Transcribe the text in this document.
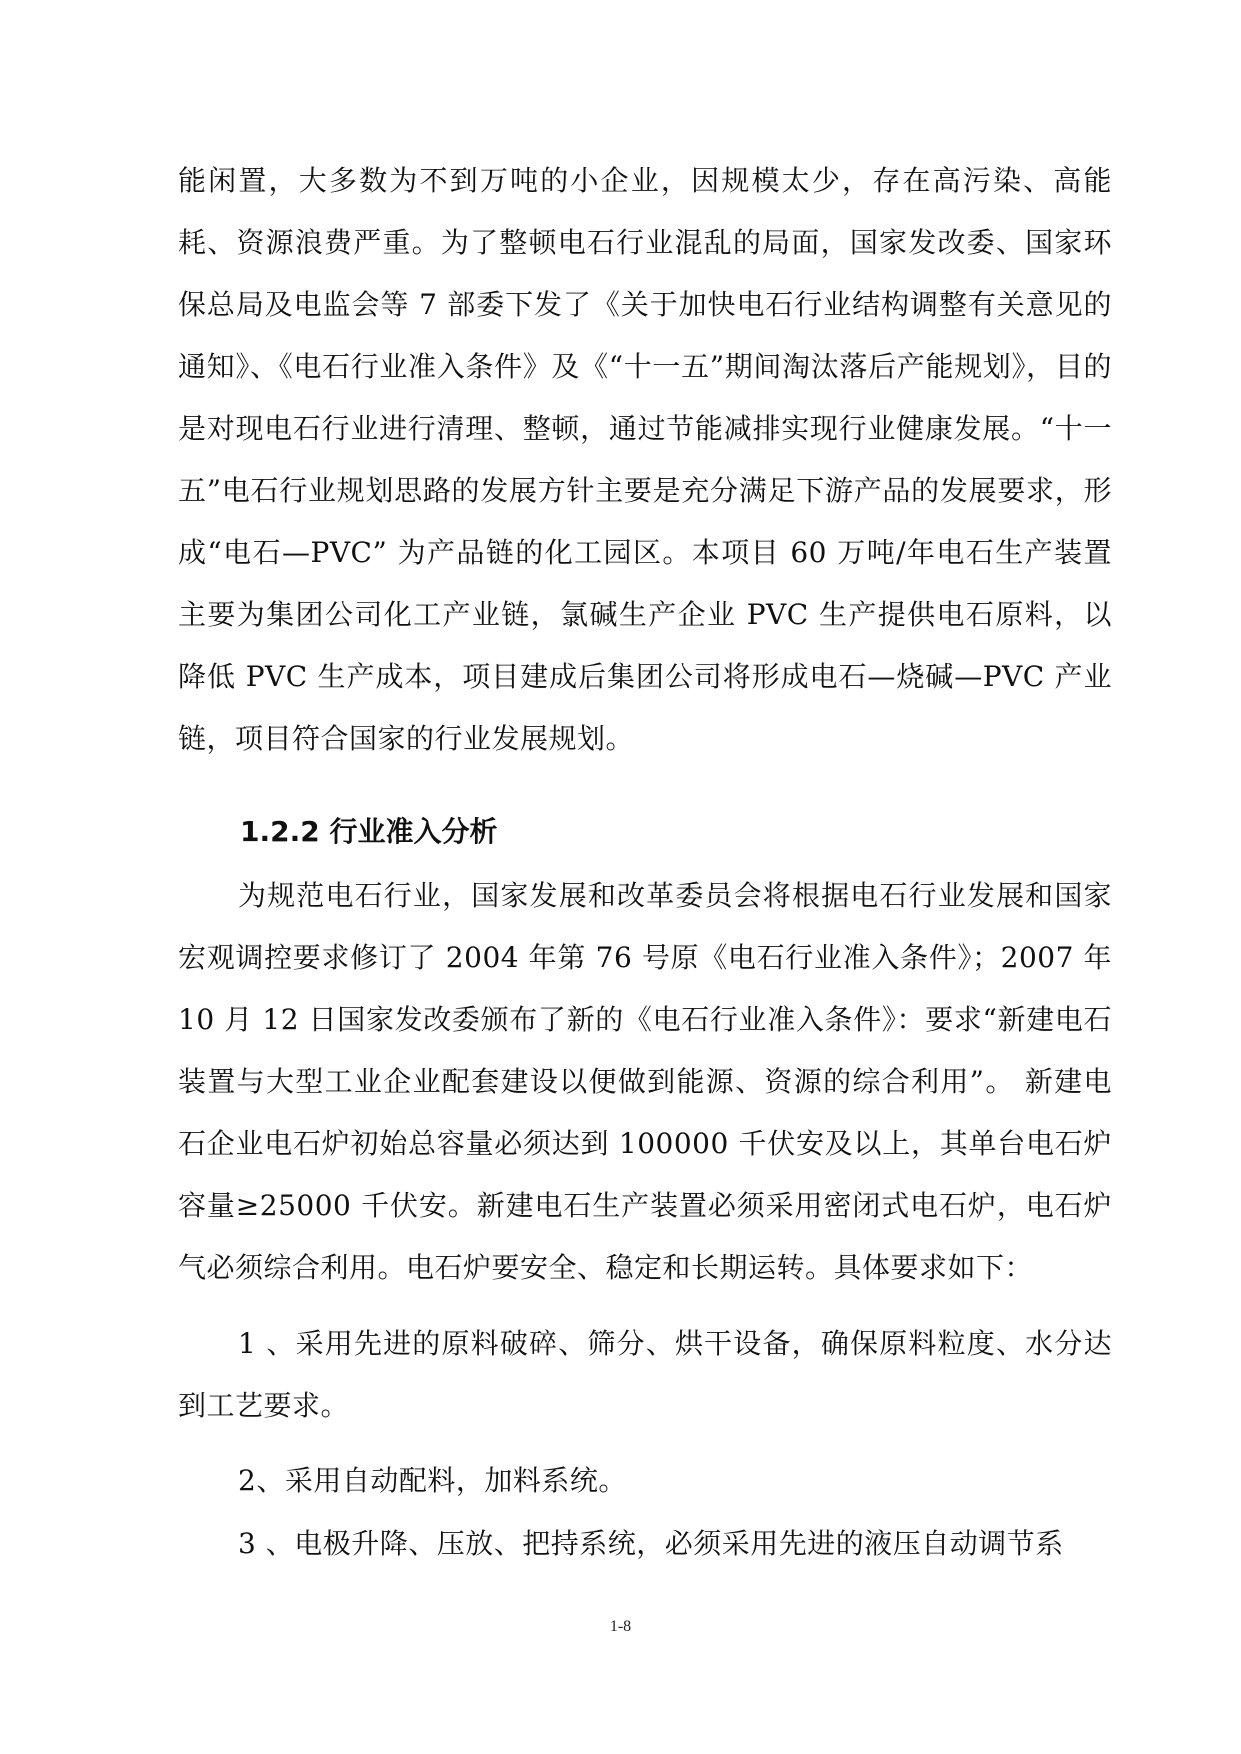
能闲置，大多数为不到万吨的小企业，因规模太少，存在高污染、高能耗、资源浪费严重。为了整顿电石行业混乱的局面，国家发改委、国家环保总局及电监会等 7 部委下发了《关于加快电石行业结构调整有关意见的通知》、《电石行业准入条件》及《“十一五”期间淘汰落后产能规划》，目的是对现电石行业进行清理、整顿，通过节能减排实现行业健康发展。“十一五”电石行业规划思路的发展方针主要是充分满足下游产品的发展要求，形成“电石—PVC” 为产品链的化工园区。本项目 60 万吨/年电石生产装置主要为集团公司化工产业链，氯碱生产企业 PVC 生产提供电石原料，以降低 PVC 生产成本，项目建成后集团公司将形成电石—烧碱—PVC 产业链，项目符合国家的行业发展规划。

1.2.2 行业准入分析

为规范电石行业，国家发展和改革委员会将根据电石行业发展和国家宏观调控要求修订了 2004 年第 76 号原《电石行业准入条件》；2007 年 10 月 12 日国家发改委颁布了新的《电石行业准入条件》：要求“新建电石装置与大型工业企业配套建设以便做到能源、资源的综合利用”。 新建电石企业电石炉初始总容量必须达到 100000 千伏安及以上，其单台电石炉容量≥25000 千伏安。新建电石生产装置必须采用密闭式电石炉，电石炉气必须综合利用。电石炉要安全、稳定和长期运转。具体要求如下：

1 、采用先进的原料破碎、筛分、烘干设备，确保原料粒度、水分达到工艺要求。

2、采用自动配料，加料系统。

3 、电极升降、压放、把持系统，必须采用先进的液压自动调节系

1-8
